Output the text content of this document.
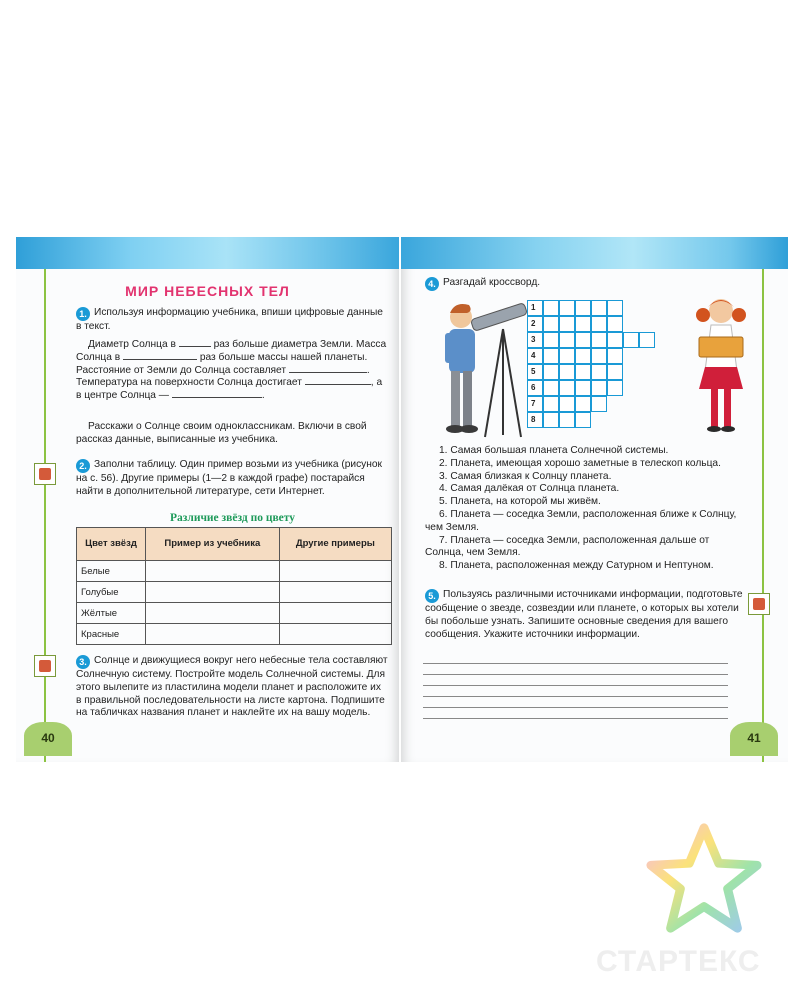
МИР НЕБЕСНЫХ ТЕЛ
1. Используя информацию учебника, впиши цифровые данные в текст.
Диаметр Солнца в	раз больше диаметра Земли. Масса Солнца в	раз больше массы нашей планеты. Расстояние от Земли до Солнца составляет	. Температура на поверхности Солнца достигает	, а в центре Солнца —	.
Расскажи о Солнце своим одноклассникам. Включи в свой рассказ данные, выписанные из учебника.
2. Заполни таблицу. Один пример возьми из учебника (рисунок на с. 56). Другие примеры (1—2 в каждой графе) постарайся найти в дополнительной литературе, сети Интернет.
Различие звёзд по цвету
Цвет звёзд	Пример из учебника	Другие примеры
Белые		
Голубые		
Жёлтые		
Красные		
3. Солнце и движущиеся вокруг него небесные тела составляют Солнечную систему. Постройте модель Солнечной системы. Для этого вылепите из пластилина модели планет и расположите их в правильной последовательности на листе картона. Подпишите на табличках названия планет и наклейте их на вашу модель.
40
4. Разгадай кроссворд.
1
2
3
4
5
6
7
8
1. Самая большая планета Солнечной системы.
2. Планета, имеющая хорошо заметные в телескоп кольца.
3. Самая близкая к Солнцу планета.
4. Самая далёкая от Солнца планета.
5. Планета, на которой мы живём.
6. Планета — соседка Земли, расположенная ближе к Солнцу, чем Земля.
7. Планета — соседка Земли, расположенная дальше от Солнца, чем Земля.
8. Планета, расположенная между Сатурном и Нептуном.
5. Пользуясь различными источниками информации, подготовьте сообщение о звезде, созвездии или планете, о которых вы хотели бы побольше узнать. Запишите основные сведения для вашего сообщения. Укажите источники информации.
41
СТАРТЕКС
